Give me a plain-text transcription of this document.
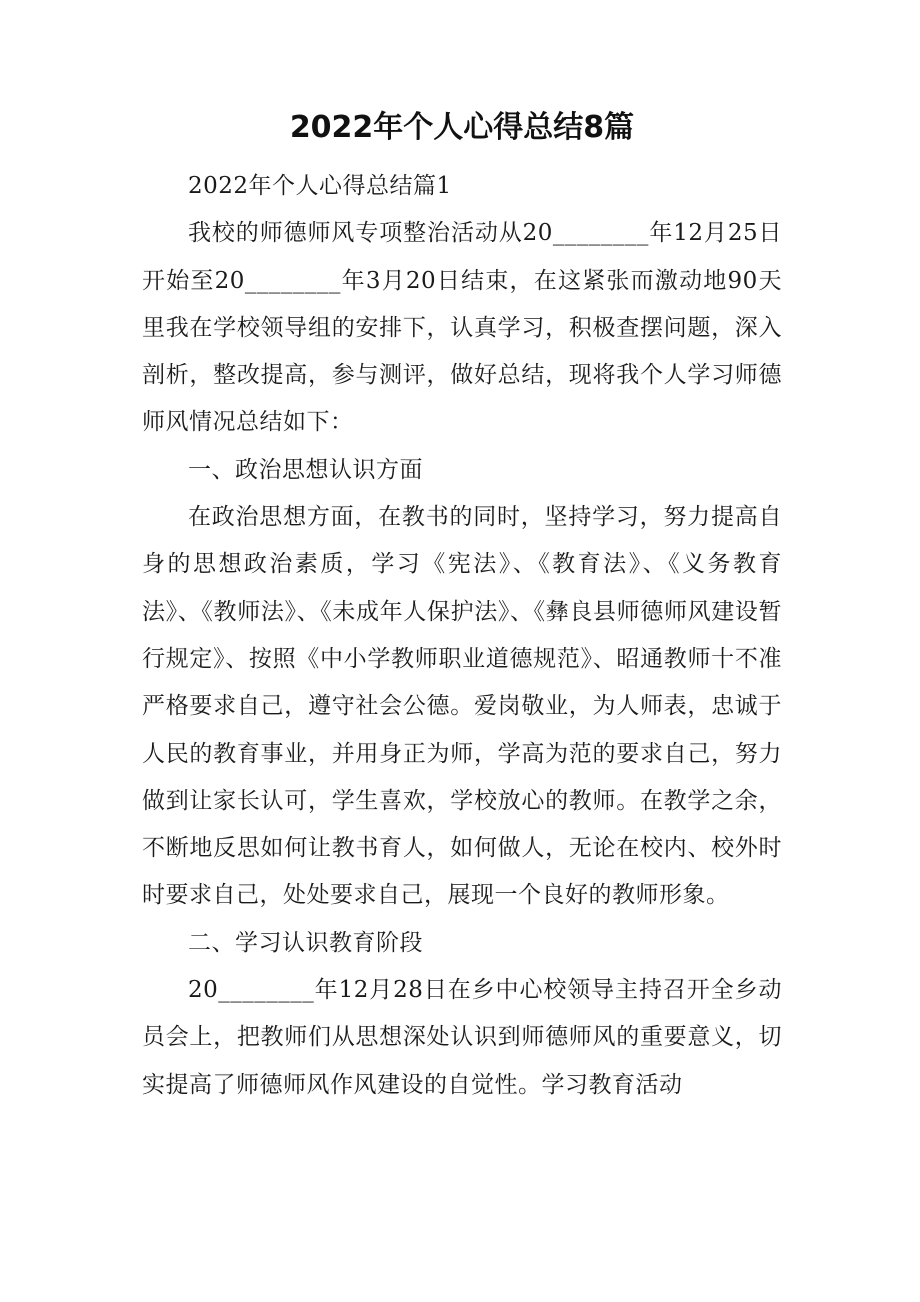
2022年个人心得总结8篇

2022年个人心得总结篇1

我校的师德师风专项整治活动从20________年12月25日开始至20________年3月20日结束，在这紧张而激动地90天里我在学校领导组的安排下，认真学习，积极查摆问题，深入剖析，整改提高，参与测评，做好总结，现将我个人学习师德师风情况总结如下：

一、政治思想认识方面

在政治思想方面，在教书的同时，坚持学习，努力提高自身的思想政治素质，学习《宪法》、《教育法》、《义务教育法》、《教师法》、《未成年人保护法》、《彝良县师德师风建设暂行规定》、按照《中小学教师职业道德规范》、昭通教师十不准严格要求自己，遵守社会公德。爱岗敬业，为人师表，忠诚于人民的教育事业，并用身正为师，学高为范的要求自己，努力做到让家长认可，学生喜欢，学校放心的教师。在教学之余，不断地反思如何让教书育人，如何做人，无论在校内、校外时时要求自己，处处要求自己，展现一个良好的教师形象。

二、学习认识教育阶段

20________年12月28日在乡中心校领导主持召开全乡动员会上，把教师们从思想深处认识到师德师风的重要意义，切实提高了师德师风作风建设的自觉性。学习教育活动
